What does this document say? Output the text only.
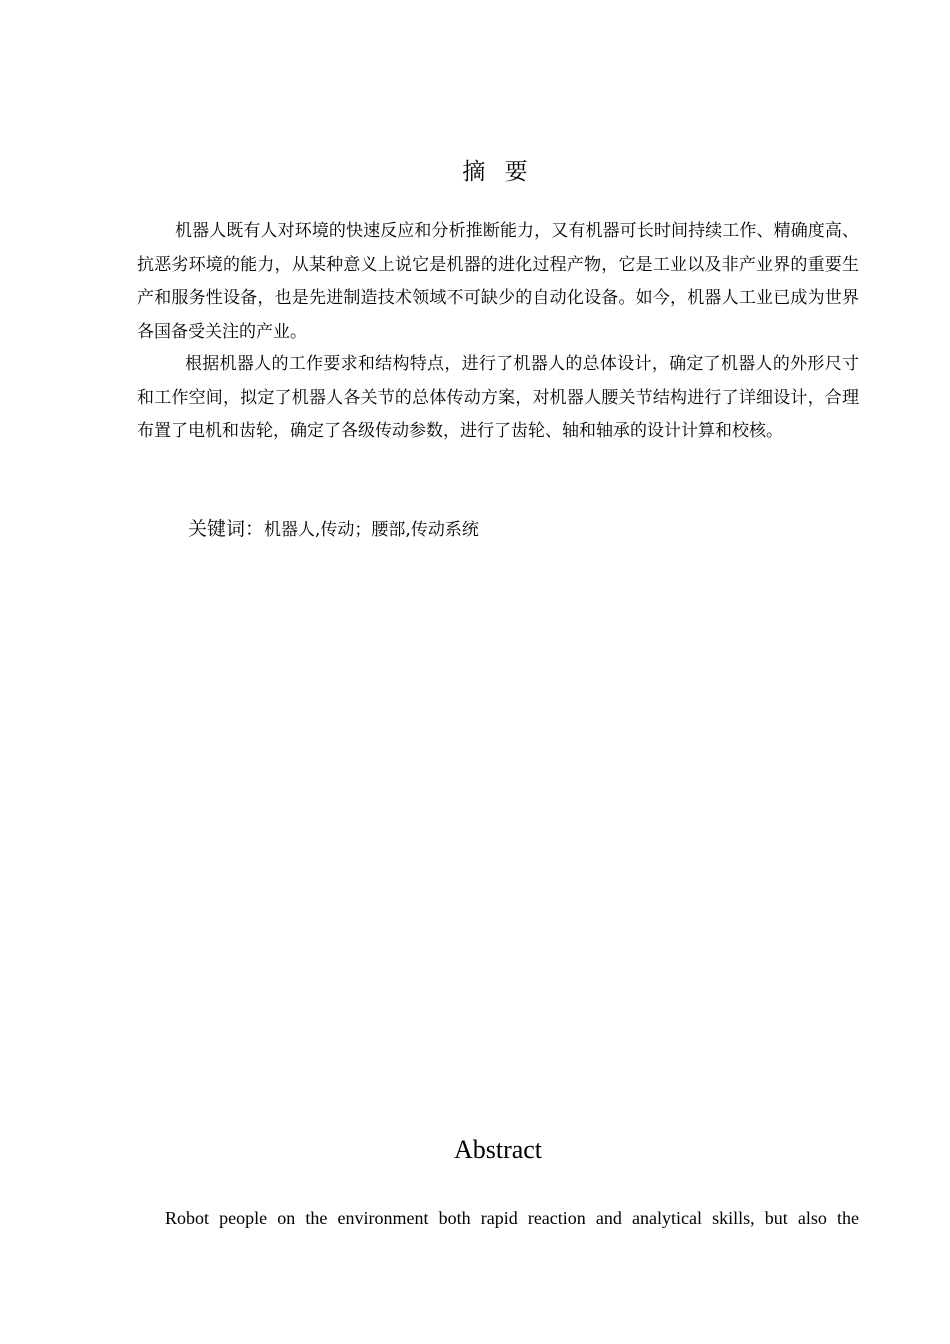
摘 要
机器人既有人对环境的快速反应和分析推断能力，又有机器可长时间持续工作、精确度高、抗恶劣环境的能力，从某种意义上说它是机器的进化过程产物，它是工业以及非产业界的重要生产和服务性设备，也是先进制造技术领域不可缺少的自动化设备。如今，机器人工业已成为世界各国备受关注的产业。
根据机器人的工作要求和结构特点，进行了机器人的总体设计，确定了机器人的外形尺寸和工作空间，拟定了机器人各关节的总体传动方案，对机器人腰关节结构进行了详细设计，合理布置了电机和齿轮，确定了各级传动参数，进行了齿轮、轴和轴承的设计计算和校核。
关键词：机器人,传动；腰部,传动系统
Abstract
Robot people on the environment both rapid reaction and analytical skills, but also the
